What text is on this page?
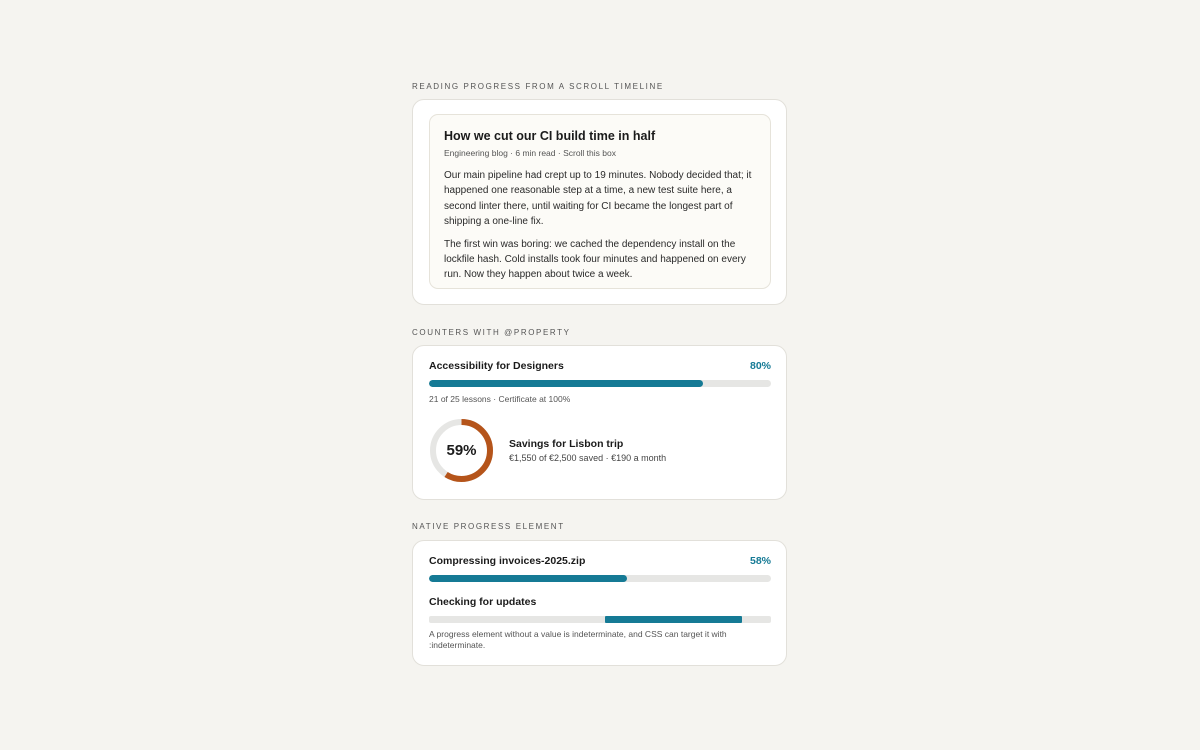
READING PROGRESS FROM A SCROLL TIMELINE
How we cut our CI build time in half
Engineering blog · 6 min read · Scroll this box

Our main pipeline had crept up to 19 minutes. Nobody decided that; it happened one reasonable step at a time, a new test suite here, a second linter there, until waiting for CI became the longest part of shipping a one-line fix.

The first win was boring: we cached the dependency install on the lockfile hash. Cold installs took four minutes and happened on every run. Now they happen about twice a week.

COUNTERS WITH @PROPERTY
Accessibility for Designers	80%
21 of 25 lessons · Certificate at 100%
59%	Savings for Lisbon trip
€1,550 of €2,500 saved · €190 a month
NATIVE PROGRESS ELEMENT
Compressing invoices-2025.zip	58%
Checking for updates
A progress element without a value is indeterminate, and CSS can target it with :indeterminate.
